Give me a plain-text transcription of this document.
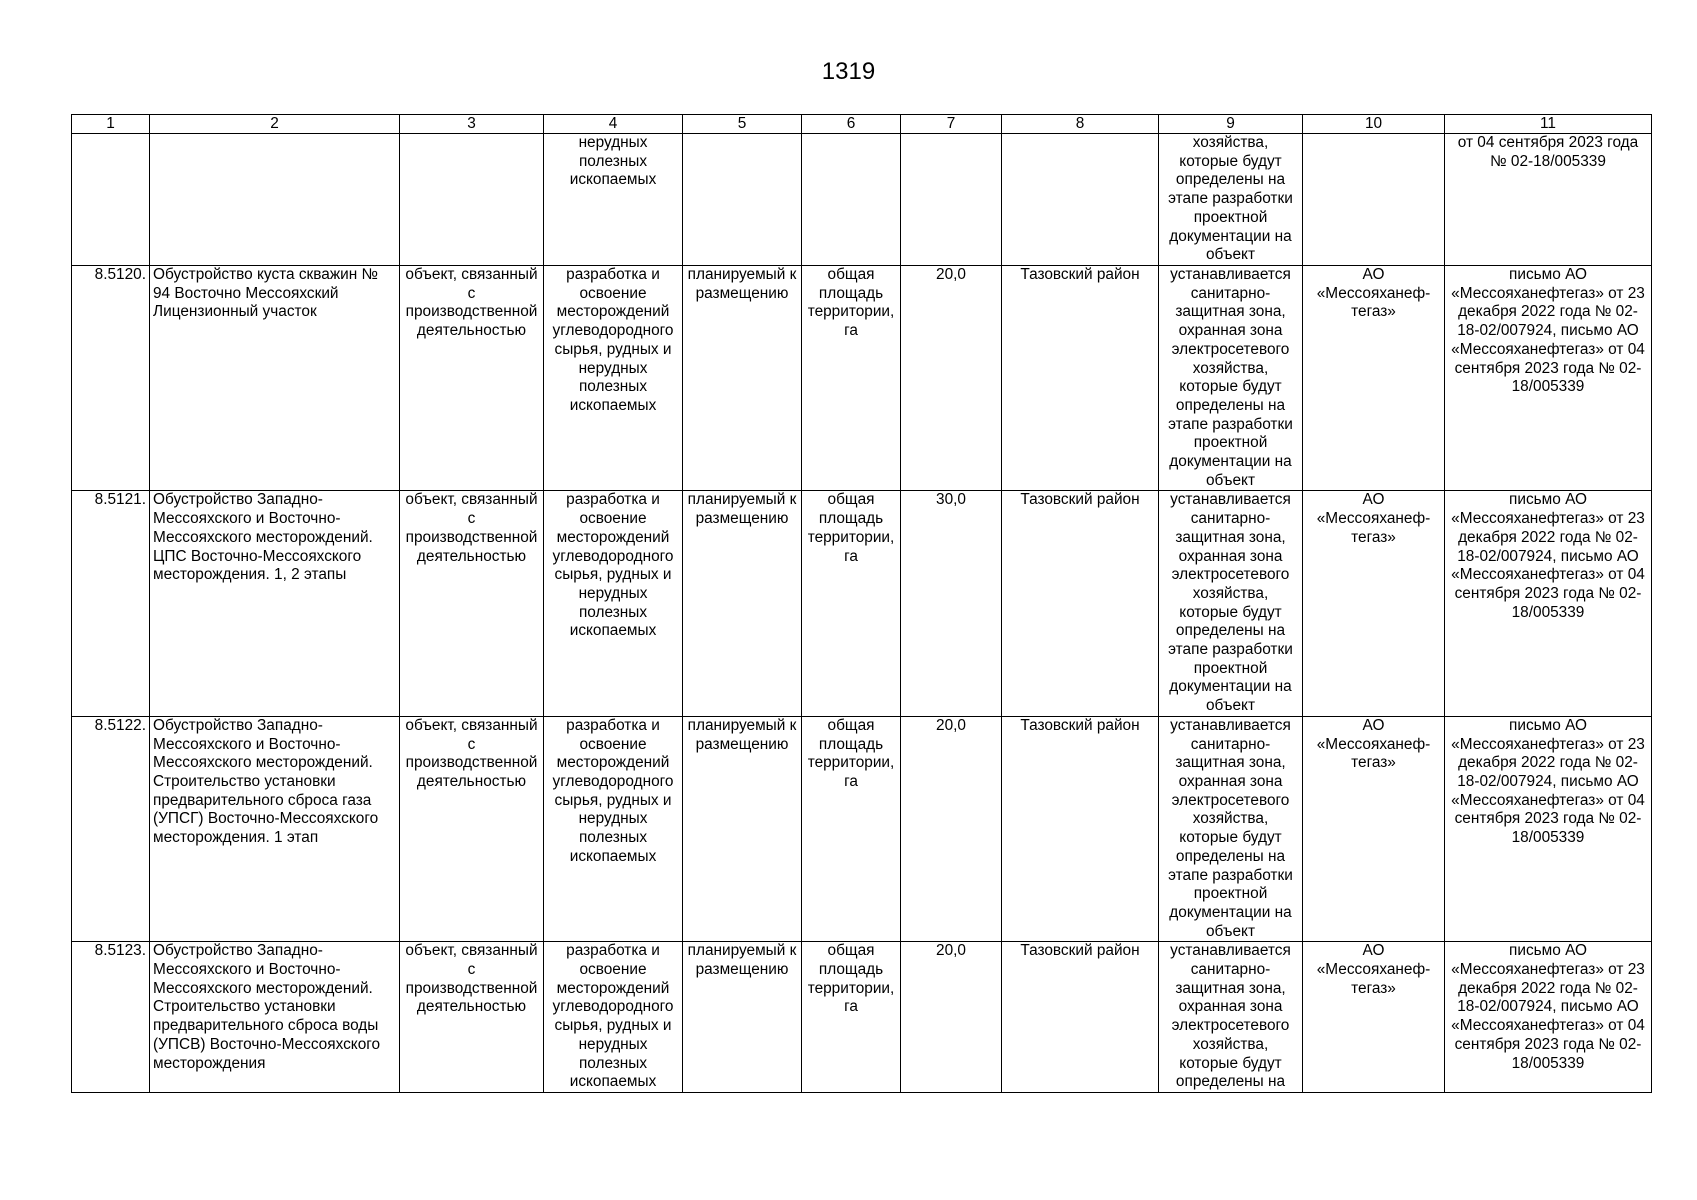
1319
1	2	3	4	5	6	7	8	9	10	11
			нерудных полезных ископаемых					хозяйства, которые будут определены на этапе разработки проектной документации на объект		от 04 сентября 2023 года № 02-18/005339
8.5120.	Обустройство куста скважин № 94 Восточно Мессояхский Лицензионный участок	объект, связанный с производственной деятельностью	разработка и освоение месторождений углеводородного сырья, рудных и нерудных полезных ископаемых	планируемый к размещению	общая площадь территории, га	20,0	Тазовский район	устанавливается санитарно-защитная зона, охранная зона электросетевого хозяйства, которые будут определены на этапе разработки проектной документации на объект	АО «Мессояханеф-тегаз»	письмо АО «Мессояханефтегаз» от 23 декабря 2022 года № 02-18-02/007924, письмо АО «Мессояханефтегаз» от 04 сентября 2023 года № 02-18/005339
8.5121.	Обустройство Западно-Мессояхского и Восточно-Мессояхского месторождений. ЦПС Восточно-Мессояхского месторождения. 1, 2 этапы	объект, связанный с производственной деятельностью	разработка и освоение месторождений углеводородного сырья, рудных и нерудных полезных ископаемых	планируемый к размещению	общая площадь территории, га	30,0	Тазовский район	устанавливается санитарно-защитная зона, охранная зона электросетевого хозяйства, которые будут определены на этапе разработки проектной документации на объект	АО «Мессояханеф-тегаз»	письмо АО «Мессояханефтегаз» от 23 декабря 2022 года № 02-18-02/007924, письмо АО «Мессояханефтегаз» от 04 сентября 2023 года № 02-18/005339
8.5122.	Обустройство Западно-Мессояхского и Восточно-Мессояхского месторождений. Строительство установки предварительного сброса газа (УПСГ) Восточно-Мессояхского месторождения. 1 этап	объект, связанный с производственной деятельностью	разработка и освоение месторождений углеводородного сырья, рудных и нерудных полезных ископаемых	планируемый к размещению	общая площадь территории, га	20,0	Тазовский район	устанавливается санитарно-защитная зона, охранная зона электросетевого хозяйства, которые будут определены на этапе разработки проектной документации на объект	АО «Мессояханеф-тегаз»	письмо АО «Мессояханефтегаз» от 23 декабря 2022 года № 02-18-02/007924, письмо АО «Мессояханефтегаз» от 04 сентября 2023 года № 02-18/005339
8.5123.	Обустройство Западно-Мессояхского и Восточно-Мессояхского месторождений. Строительство установки предварительного сброса воды (УПСВ) Восточно-Мессояхского месторождения	объект, связанный с производственной деятельностью	разработка и освоение месторождений углеводородного сырья, рудных и нерудных полезных ископаемых	планируемый к размещению	общая площадь территории, га	20,0	Тазовский район	устанавливается санитарно-защитная зона, охранная зона электросетевого хозяйства, которые будут определены на	АО «Мессояханеф-тегаз»	письмо АО «Мессояханефтегаз» от 23 декабря 2022 года № 02-18-02/007924, письмо АО «Мессояханефтегаз» от 04 сентября 2023 года № 02-18/005339
